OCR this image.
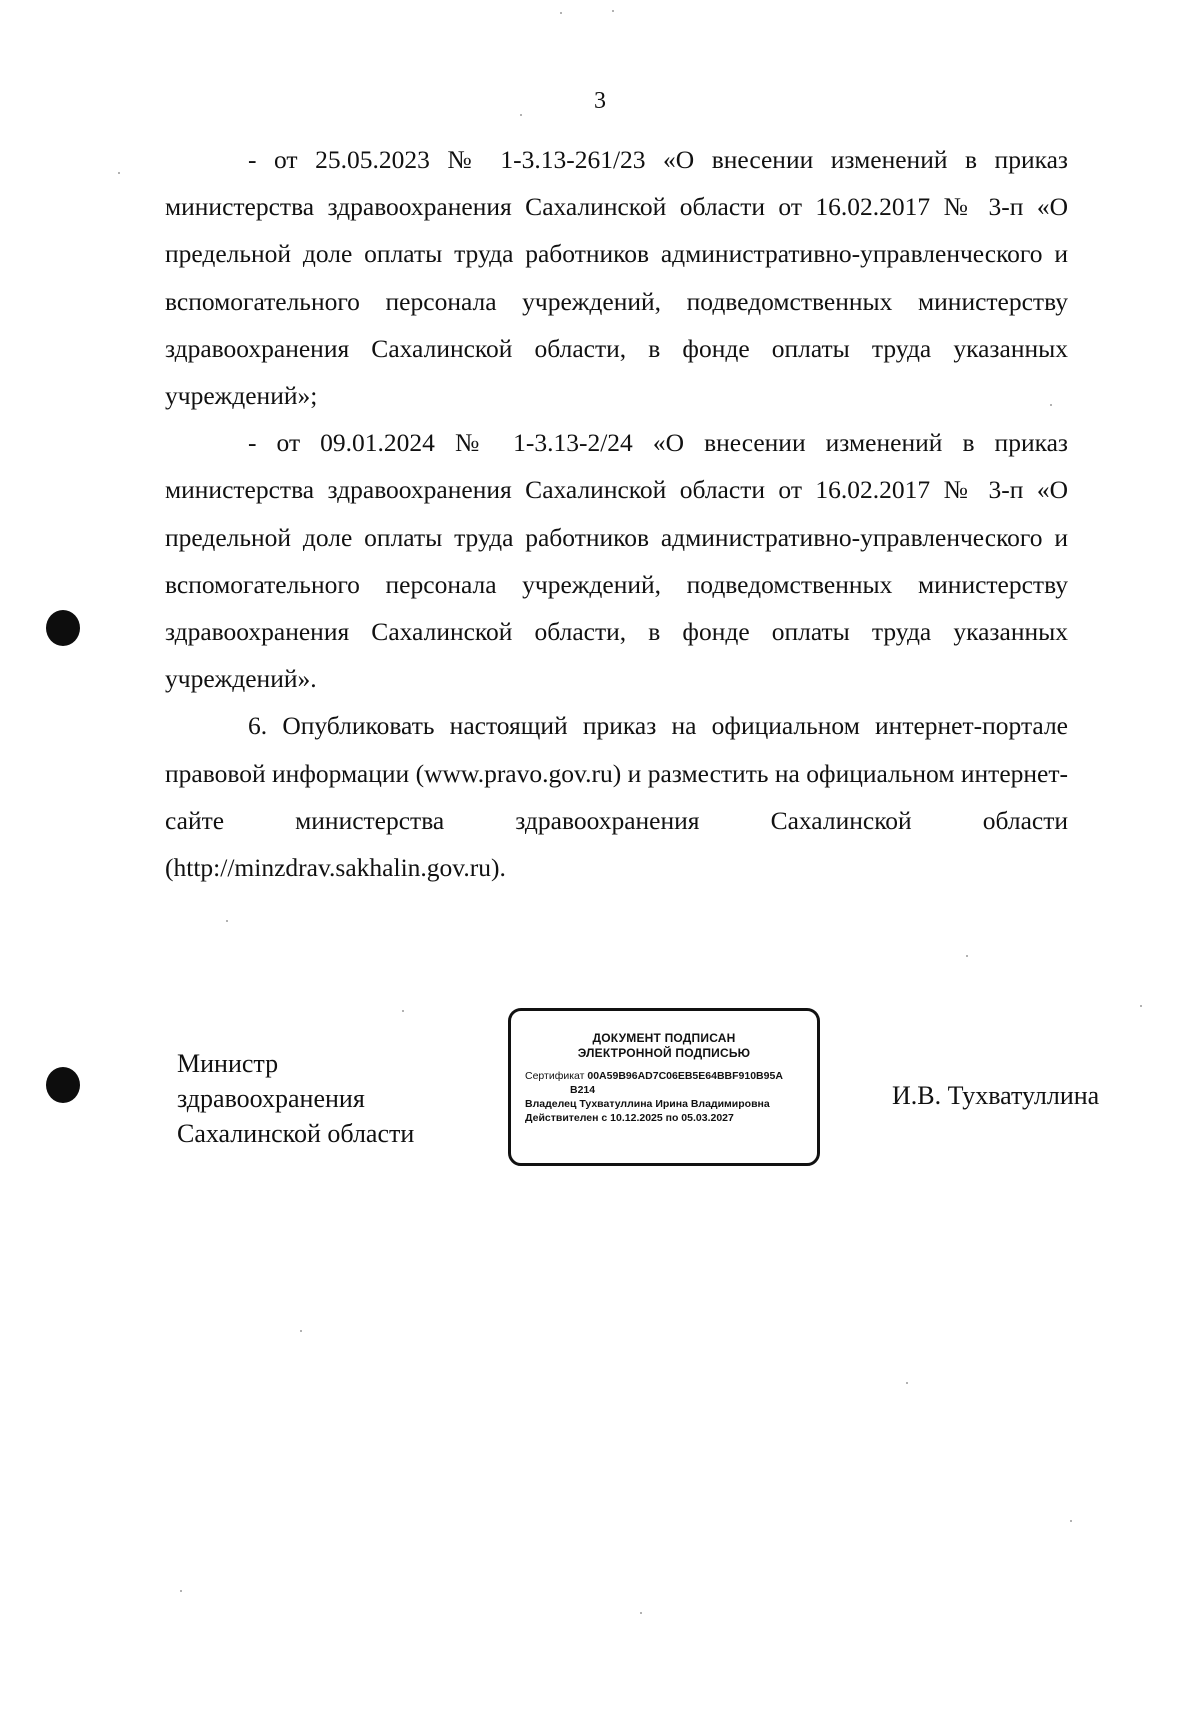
3

- от 25.05.2023 № 1-3.13-261/23 «О внесении изменений в приказ министерства здравоохранения Сахалинской области от 16.02.2017 № 3-п «О предельной доле оплаты труда работников административно-управленческого и вспомогательного персонала учреждений, подведомственных министерству здравоохранения Сахалинской области, в фонде оплаты труда указанных учреждений»;

- от 09.01.2024 № 1-3.13-2/24 «О внесении изменений в приказ министерства здравоохранения Сахалинской области от 16.02.2017 № 3-п «О предельной доле оплаты труда работников административно-управленческого и вспомогательного персонала учреждений, подведомственных министерству здравоохранения Сахалинской области, в фонде оплаты труда указанных учреждений».

6. Опубликовать настоящий приказ на официальном интернет-портале правовой информации (www.pravo.gov.ru) и разместить на официальном интернет-сайте министерства здравоохранения Сахалинской области (http://minzdrav.sakhalin.gov.ru).

Министр
здравоохранения
Сахалинской области
ДОКУМЕНТ ПОДПИСАН
ЭЛЕКТРОННОЙ ПОДПИСЬЮ
Сертификат 00A59B96AD7C06EB5E64BBF910B95A
B214
Владелец Тухватуллина Ирина Владимировна
Действителен с 10.12.2025 по 05.03.2027
И.В. Тухватуллина
